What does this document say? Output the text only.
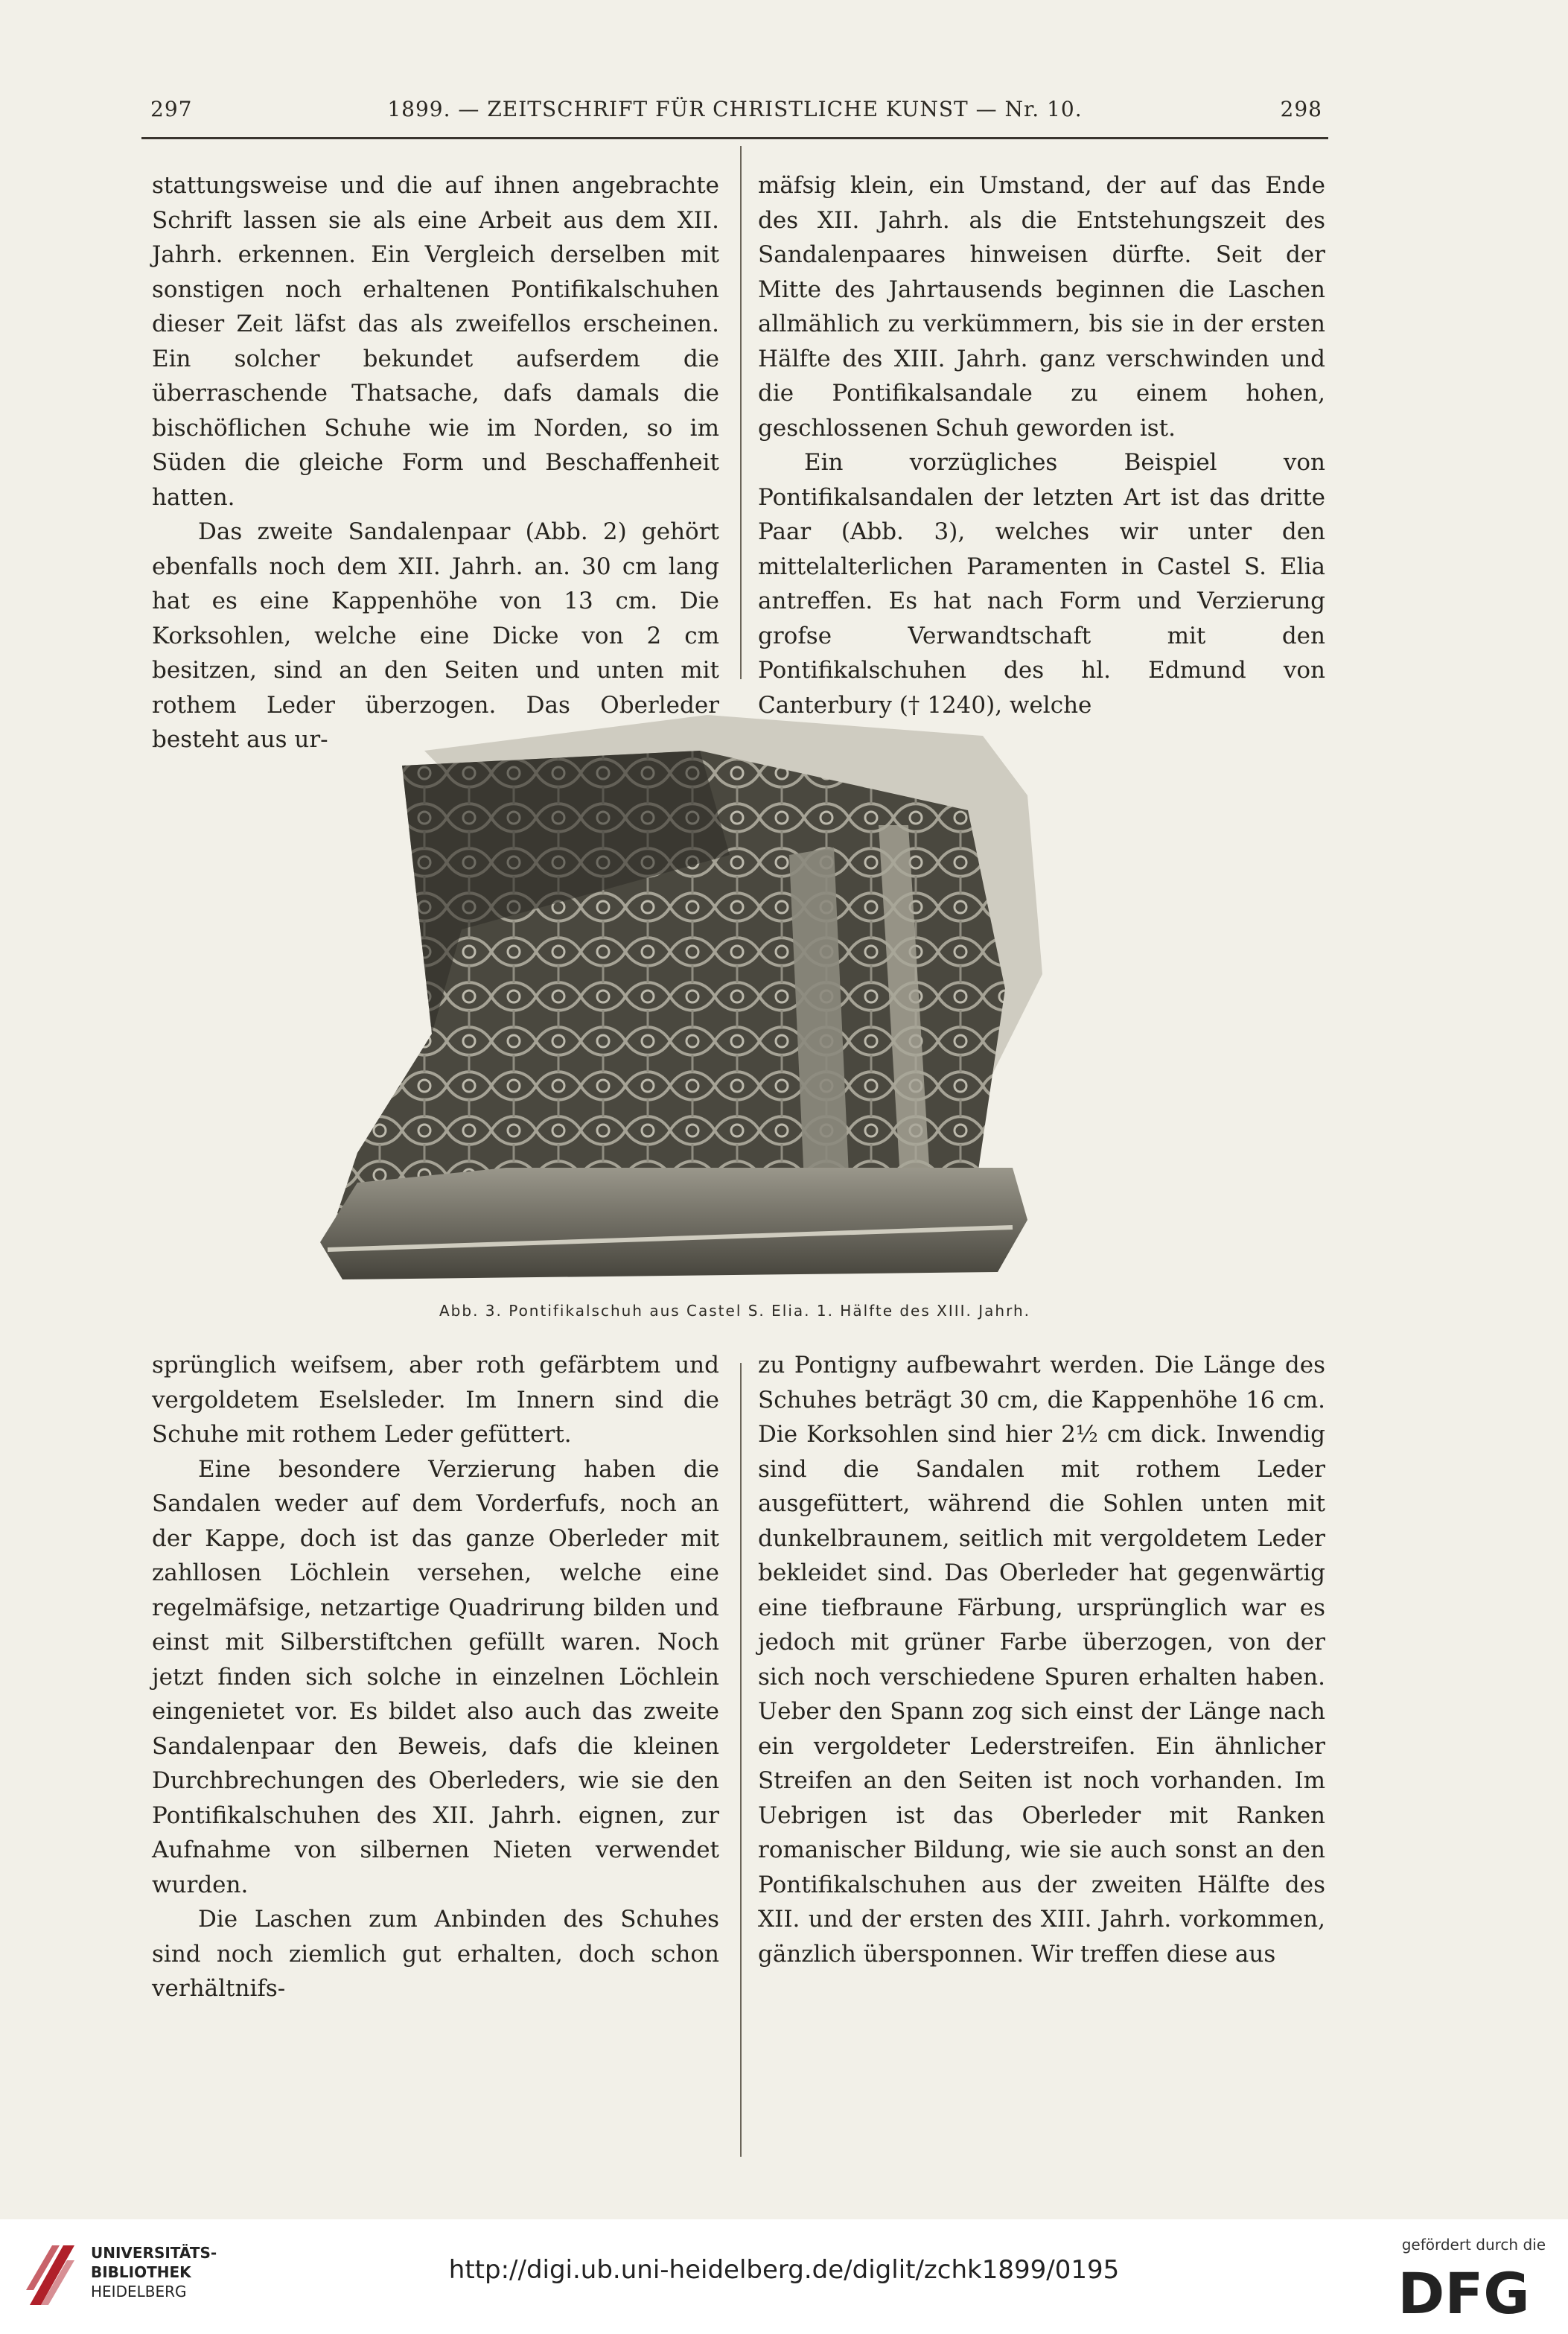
297	1899. — ZEITSCHRIFT FÜR CHRISTLICHE KUNST — Nr. 10.	298

stattungsweise und die auf ihnen angebrachte Schrift lassen sie als eine Arbeit aus dem XII. Jahrh. erkennen. Ein Vergleich derselben mit sonstigen noch erhaltenen Pontifikalschuhen dieser Zeit läfst das als zweifellos erscheinen. Ein solcher bekundet aufserdem die überraschende Thatsache, dafs damals die bischöflichen Schuhe wie im Norden, so im Süden die gleiche Form und Beschaffenheit hatten.

Das zweite Sandalenpaar (Abb. 2) gehört ebenfalls noch dem XII. Jahrh. an. 30 cm lang hat es eine Kappenhöhe von 13 cm. Die Korksohlen, welche eine Dicke von 2 cm besitzen, sind an den Seiten und unten mit rothem Leder überzogen. Das Oberleder besteht aus ur-

mäfsig klein, ein Umstand, der auf das Ende des XII. Jahrh. als die Entstehungszeit des Sandalenpaares hinweisen dürfte. Seit der Mitte des Jahrtausends beginnen die Laschen allmählich zu verkümmern, bis sie in der ersten Hälfte des XIII. Jahrh. ganz verschwinden und die Pontifikalsandale zu einem hohen, geschlossenen Schuh geworden ist.

Ein vorzügliches Beispiel von Pontifikalsandalen der letzten Art ist das dritte Paar (Abb. 3), welches wir unter den mittelalterlichen Paramenten in Castel S. Elia antreffen. Es hat nach Form und Verzierung grofse Verwandtschaft mit den Pontifikalschuhen des hl. Edmund von Canterbury († 1240), welche

Abb. 3. Pontifikalschuh aus Castel S. Elia. 1. Hälfte des XIII. Jahrh.

sprünglich weifsem, aber roth gefärbtem und vergoldetem Eselsleder. Im Innern sind die Schuhe mit rothem Leder gefüttert.

Eine besondere Verzierung haben die Sandalen weder auf dem Vorderfufs, noch an der Kappe, doch ist das ganze Oberleder mit zahllosen Löchlein versehen, welche eine regelmäfsige, netzartige Quadrirung bilden und einst mit Silberstiftchen gefüllt waren. Noch jetzt finden sich solche in einzelnen Löchlein eingenietet vor. Es bildet also auch das zweite Sandalenpaar den Beweis, dafs die kleinen Durchbrechungen des Oberleders, wie sie den Pontifikalschuhen des XII. Jahrh. eignen, zur Aufnahme von silbernen Nieten verwendet wurden.

Die Laschen zum Anbinden des Schuhes sind noch ziemlich gut erhalten, doch schon verhältnifs-

zu Pontigny aufbewahrt werden. Die Länge des Schuhes beträgt 30 cm, die Kappenhöhe 16 cm. Die Korksohlen sind hier 2½ cm dick. Inwendig sind die Sandalen mit rothem Leder ausgefüttert, während die Sohlen unten mit dunkelbraunem, seitlich mit vergoldetem Leder bekleidet sind. Das Oberleder hat gegenwärtig eine tiefbraune Färbung, ursprünglich war es jedoch mit grüner Farbe überzogen, von der sich noch verschiedene Spuren erhalten haben. Ueber den Spann zog sich einst der Länge nach ein vergoldeter Lederstreifen. Ein ähnlicher Streifen an den Seiten ist noch vorhanden. Im Uebrigen ist das Oberleder mit Ranken romanischer Bildung, wie sie auch sonst an den Pontifikalschuhen aus der zweiten Hälfte des XII. und der ersten des XIII. Jahrh. vorkommen, gänzlich übersponnen. Wir treffen diese aus

UNIVERSITÄTS-
BIBLIOTHEK
HEIDELBERG
http://digi.ub.uni-heidelberg.de/diglit/zchk1899/0195
gefördert durch die
DFG
